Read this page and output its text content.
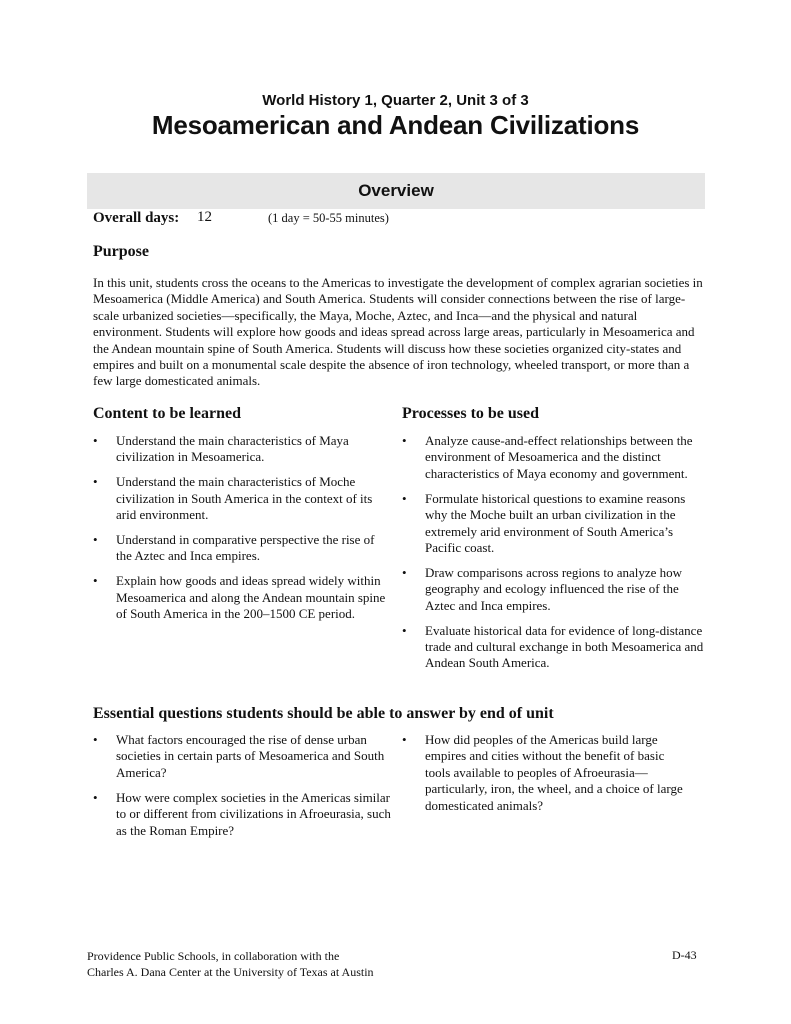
World History 1, Quarter 2, Unit 3 of 3
Mesoamerican and Andean Civilizations
Overview
Overall days: 12	(1 day = 50-55 minutes)
Purpose
In this unit, students cross the oceans to the Americas to investigate the development of complex agrarian societies in Mesoamerica (Middle America) and South America. Students will consider connections between the rise of large-scale urbanized societies—specifically, the Maya, Moche, Aztec, and Inca—and the physical and natural environment. Students will explore how goods and ideas spread across large areas, particularly in Mesoamerica and the Andean mountain spine of South America. Students will discuss how these societies organized city-states and empires and built on a monumental scale despite the absence of iron technology, wheeled transport, or more than a few large domesticated animals.
Content to be learned
• Understand the main characteristics of Maya civilization in Mesoamerica.
• Understand the main characteristics of Moche civilization in South America in the context of its arid environment.
• Understand in comparative perspective the rise of the Aztec and Inca empires.
• Explain how goods and ideas spread widely within Mesoamerica and along the Andean mountain spine of South America in the 200–1500 CE period.
Processes to be used
• Analyze cause-and-effect relationships between the environment of Mesoamerica and the distinct characteristics of Maya economy and government.
• Formulate historical questions to examine reasons why the Moche built an urban civilization in the extremely arid environment of South America’s Pacific coast.
• Draw comparisons across regions to analyze how geography and ecology influenced the rise of the Aztec and Inca empires.
• Evaluate historical data for evidence of long-distance trade and cultural exchange in both Mesoamerica and Andean South America.
Essential questions students should be able to answer by end of unit
• What factors encouraged the rise of dense urban societies in certain parts of Mesoamerica and South America?
• How were complex societies in the Americas similar to or different from civilizations in Afroeurasia, such as the Roman Empire?
• How did peoples of the Americas build large empires and cities without the benefit of basic tools available to peoples of Afroeurasia—particularly, iron, the wheel, and a choice of large domesticated animals?
Providence Public Schools, in collaboration with the
Charles A. Dana Center at the University of Texas at Austin
D-43
